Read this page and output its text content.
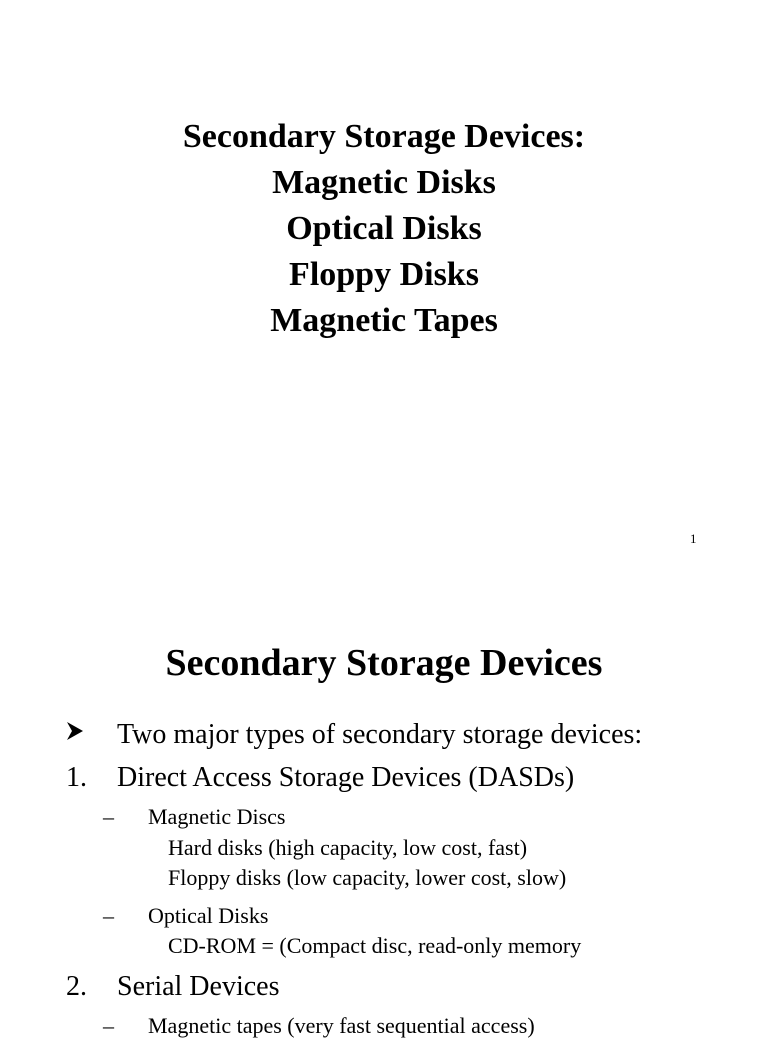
Secondary Storage Devices:
Magnetic Disks
Optical Disks
Floppy Disks
Magnetic Tapes
1
Secondary Storage Devices
Two major types of secondary storage devices:
1. Direct Access Storage Devices (DASDs)
– Magnetic Discs
Hard disks (high capacity, low cost, fast)
Floppy disks (low capacity, lower cost, slow)
– Optical Disks
CD-ROM = (Compact disc, read-only memory
2. Serial Devices
– Magnetic tapes (very fast sequential access)
